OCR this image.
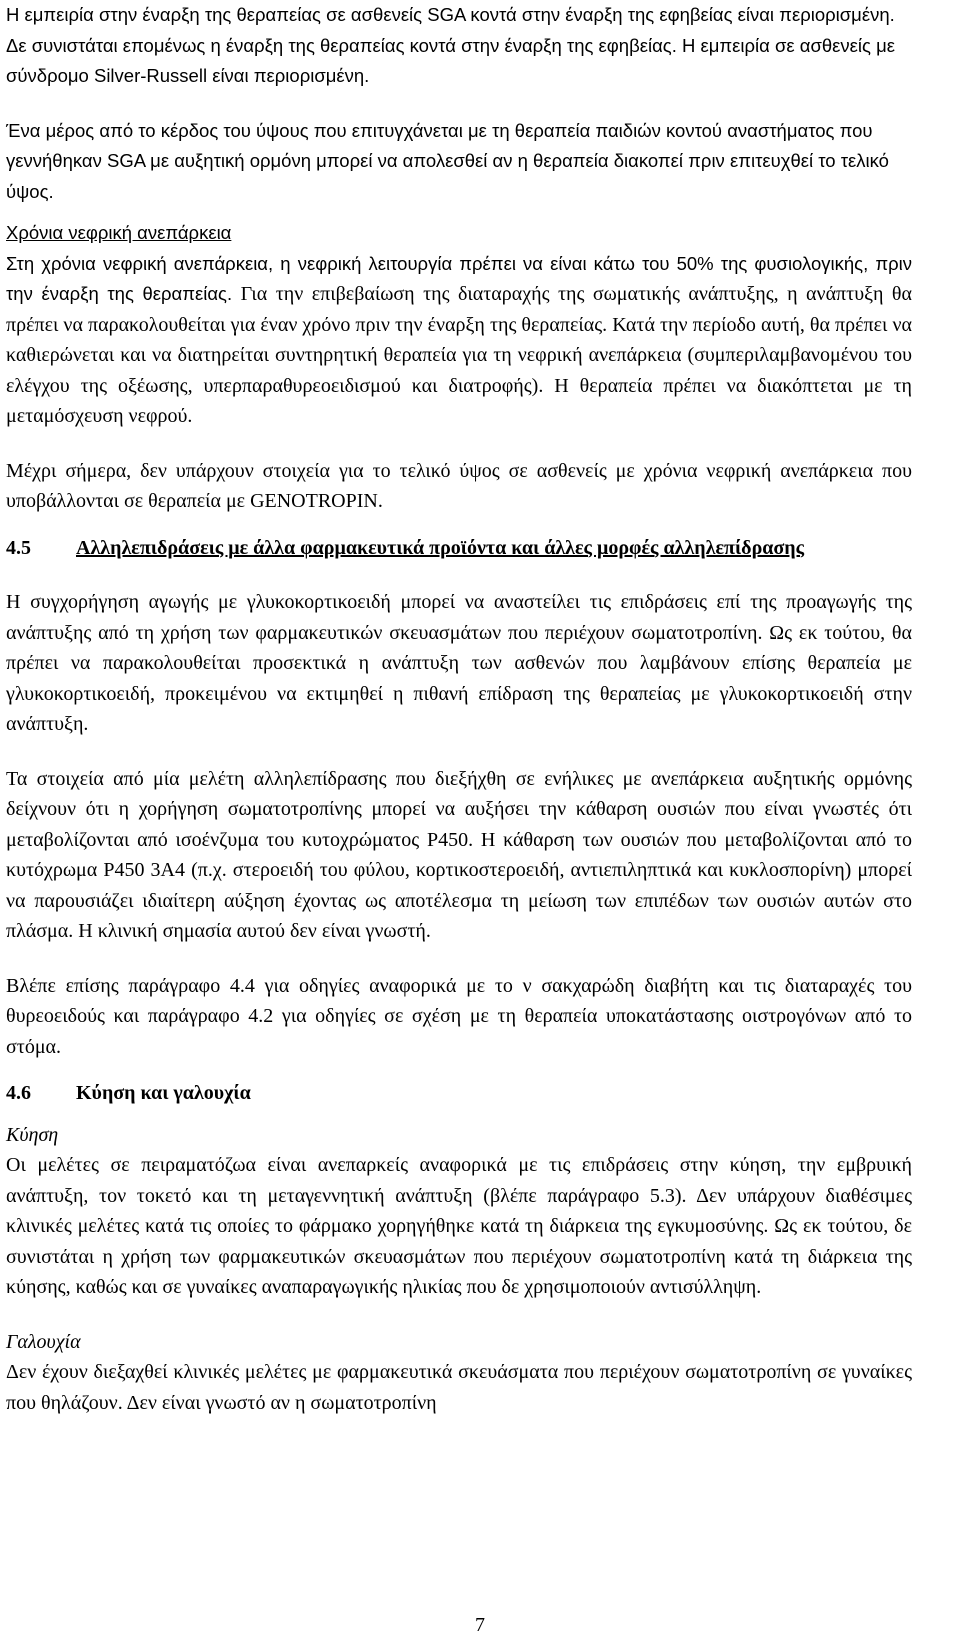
Η εμπειρία στην έναρξη της θεραπείας σε ασθενείς SGA κοντά στην έναρξη της εφηβείας είναι περιορισμένη. Δε συνιστάται επομένως η έναρξη της θεραπείας κοντά στην έναρξη της εφηβείας. Η εμπειρία σε ασθενείς με σύνδρομο Silver-Russell είναι περιορισμένη.

Ένα μέρος από το κέρδος του ύψους που επιτυγχάνεται με τη θεραπεία παιδιών κοντού αναστήματος που γεννήθηκαν SGA με αυξητική ορμόνη μπορεί να απολεσθεί αν η θεραπεία διακοπεί πριν επιτευχθεί το τελικό ύψος.

Χρόνια νεφρική ανεπάρκεια

Στη χρόνια νεφρική ανεπάρκεια, η νεφρική λειτουργία πρέπει να είναι κάτω του 50% της φυσιολογικής, πριν την έναρξη της θεραπείας. Για την επιβεβαίωση της διαταραχής της σωματικής ανάπτυξης, η ανάπτυξη θα πρέπει να παρακολουθείται για έναν χρόνο πριν την έναρξη της θεραπείας. Κατά την περίοδο αυτή, θα πρέπει να καθιερώνεται και να διατηρείται συντηρητική θεραπεία για τη νεφρική ανεπάρκεια (συμπεριλαμβανομένου του ελέγχου της οξέωσης, υπερπαραθυρεοειδισμού και διατροφής). Η θεραπεία πρέπει να διακόπτεται με τη μεταμόσχευση νεφρού.

Μέχρι σήμερα, δεν υπάρχουν στοιχεία για το τελικό ύψος σε ασθενείς με χρόνια νεφρική ανεπάρκεια που υποβάλλονται σε θεραπεία με GENOTROPIN.

4.5	Αλληλεπιδράσεις με άλλα φαρμακευτικά προϊόντα και άλλες μορφές αλληλεπίδρασης

Η συγχορήγηση αγωγής με γλυκοκορτικοειδή μπορεί να αναστείλει τις επιδράσεις επί της προαγωγής της ανάπτυξης από τη χρήση των φαρμακευτικών σκευασμάτων που περιέχουν σωματοτροπίνη. Ως εκ τούτου, θα πρέπει να παρακολουθείται προσεκτικά η ανάπτυξη των ασθενών που λαμβάνουν επίσης θεραπεία με γλυκοκορτικοειδή, προκειμένου να εκτιμηθεί η πιθανή επίδραση της θεραπείας με γλυκοκορτικοειδή στην ανάπτυξη.

Τα στοιχεία από μία μελέτη αλληλεπίδρασης που διεξήχθη σε ενήλικες με ανεπάρκεια αυξητικής ορμόνης δείχνουν ότι η χορήγηση σωματοτροπίνης μπορεί να αυξήσει την κάθαρση ουσιών που είναι γνωστές ότι μεταβολίζονται από ισοένζυμα του κυτοχρώματος P450. Η κάθαρση των ουσιών που μεταβολίζονται από το κυτόχρωμα P450 3A4 (π.χ. στεροειδή του φύλου, κορτικοστεροειδή, αντιεπιληπτικά και κυκλοσπορίνη) μπορεί να παρουσιάζει ιδιαίτερη αύξηση έχοντας ως αποτέλεσμα τη μείωση των επιπέδων των ουσιών αυτών στο πλάσμα. Η κλινική σημασία αυτού δεν είναι γνωστή.

Βλέπε επίσης παράγραφο 4.4 για οδηγίες αναφορικά με το ν σακχαρώδη διαβήτη και τις διαταραχές του θυρεοειδούς και παράγραφο 4.2 για οδηγίες σε σχέση με τη θεραπεία υποκατάστασης οιστρογόνων από το στόμα.

4.6	Κύηση και γαλουχία

Κύηση

Οι μελέτες σε πειραματόζωα είναι ανεπαρκείς αναφορικά με τις επιδράσεις στην κύηση, την εμβρυική ανάπτυξη, τον τοκετό και τη μεταγεννητική ανάπτυξη (βλέπε παράγραφο 5.3). Δεν υπάρχουν διαθέσιμες κλινικές μελέτες κατά τις οποίες το φάρμακο χορηγήθηκε κατά τη διάρκεια της εγκυμοσύνης. Ως εκ τούτου, δε συνιστάται η χρήση των φαρμακευτικών σκευασμάτων που περιέχουν σωματοτροπίνη κατά τη διάρκεια της κύησης, καθώς και σε γυναίκες αναπαραγωγικής ηλικίας που δε χρησιμοποιούν αντισύλληψη.

Γαλουχία

Δεν έχουν διεξαχθεί κλινικές μελέτες με φαρμακευτικά σκευάσματα που περιέχουν σωματοτροπίνη σε γυναίκες που θηλάζουν. Δεν είναι γνωστό αν η σωματοτροπίνη

7
